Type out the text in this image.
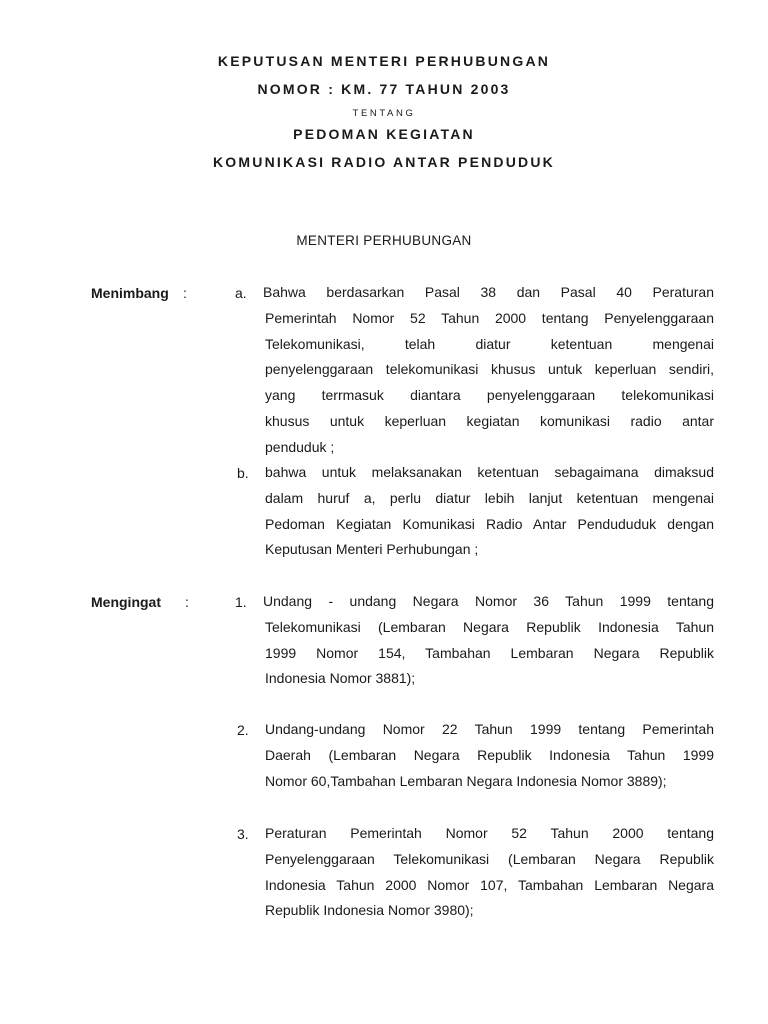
KEPUTUSAN MENTERI PERHUBUNGAN
NOMOR : KM. 77 TAHUN 2003
TENTANG
PEDOMAN KEGIATAN
KOMUNIKASI RADIO ANTAR PENDUDUK
MENTERI PERHUBUNGAN
Menimbang :	a. Bahwa berdasarkan Pasal 38 dan Pasal 40 Peraturan
Pemerintah Nomor 52 Tahun 2000 tentang Penyelenggaraan
Telekomunikasi, telah diatur ketentuan mengenai
penyelenggaraan telekomunikasi khusus untuk keperluan sendiri,
yang terrmasuk diantara penyelenggaraan telekomunikasi
khusus untuk keperluan kegiatan komunikasi radio antar
penduduk ;
b. bahwa untuk melaksanakan ketentuan sebagaimana dimaksud
dalam huruf a, perlu diatur lebih lanjut ketentuan mengenai
Pedoman Kegiatan Komunikasi Radio Antar Pendududuk dengan
Keputusan Menteri Perhubungan ;
Mengingat :	1. Undang - undang Negara Nomor 36 Tahun 1999 tentang
Telekomunikasi (Lembaran Negara Republik Indonesia Tahun
1999 Nomor 154, Tambahan Lembaran Negara Republik
Indonesia Nomor 3881);
2. Undang-undang Nomor 22 Tahun 1999 tentang Pemerintah
Daerah (Lembaran Negara Republik Indonesia Tahun 1999
Nomor 60,Tambahan Lembaran Negara Indonesia Nomor 3889);
3. Peraturan Pemerintah Nomor 52 Tahun 2000 tentang
Penyelenggaraan Telekomunikasi (Lembaran Negara Republik
Indonesia Tahun 2000 Nomor 107, Tambahan Lembaran Negara
Republik Indonesia Nomor 3980);
